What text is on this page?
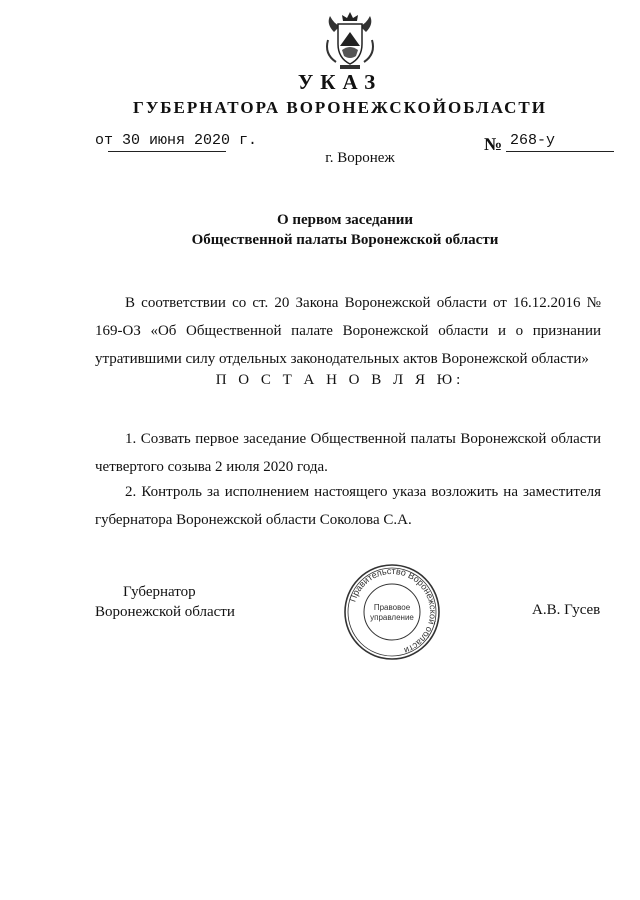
УКАЗ
ГУБЕРНАТОРА ВОРОНЕЖСКОЙОБЛАСТИ
от 30 июня 2020 г.	№ 268-у
г. Воронеж
О первом заседании
Общественной палаты Воронежской области
В соответствии со ст. 20 Закона Воронежской области от 16.12.2016 № 169-ОЗ «Об Общественной палате Воронежской области и о признании утратившими силу отдельных законодательных актов Воронежской области»
П О С Т А Н О В Л Я Ю:
1. Созвать первое заседание Общественной палаты Воронежской области четвертого созыва 2 июля 2020 года.
2. Контроль за исполнением настоящего указа возложить на заместителя губернатора Воронежской области Соколова С.А.
Губернатор
Воронежской области
Правительство Воронежской области
Правовое
управление	А.В. Гусев
